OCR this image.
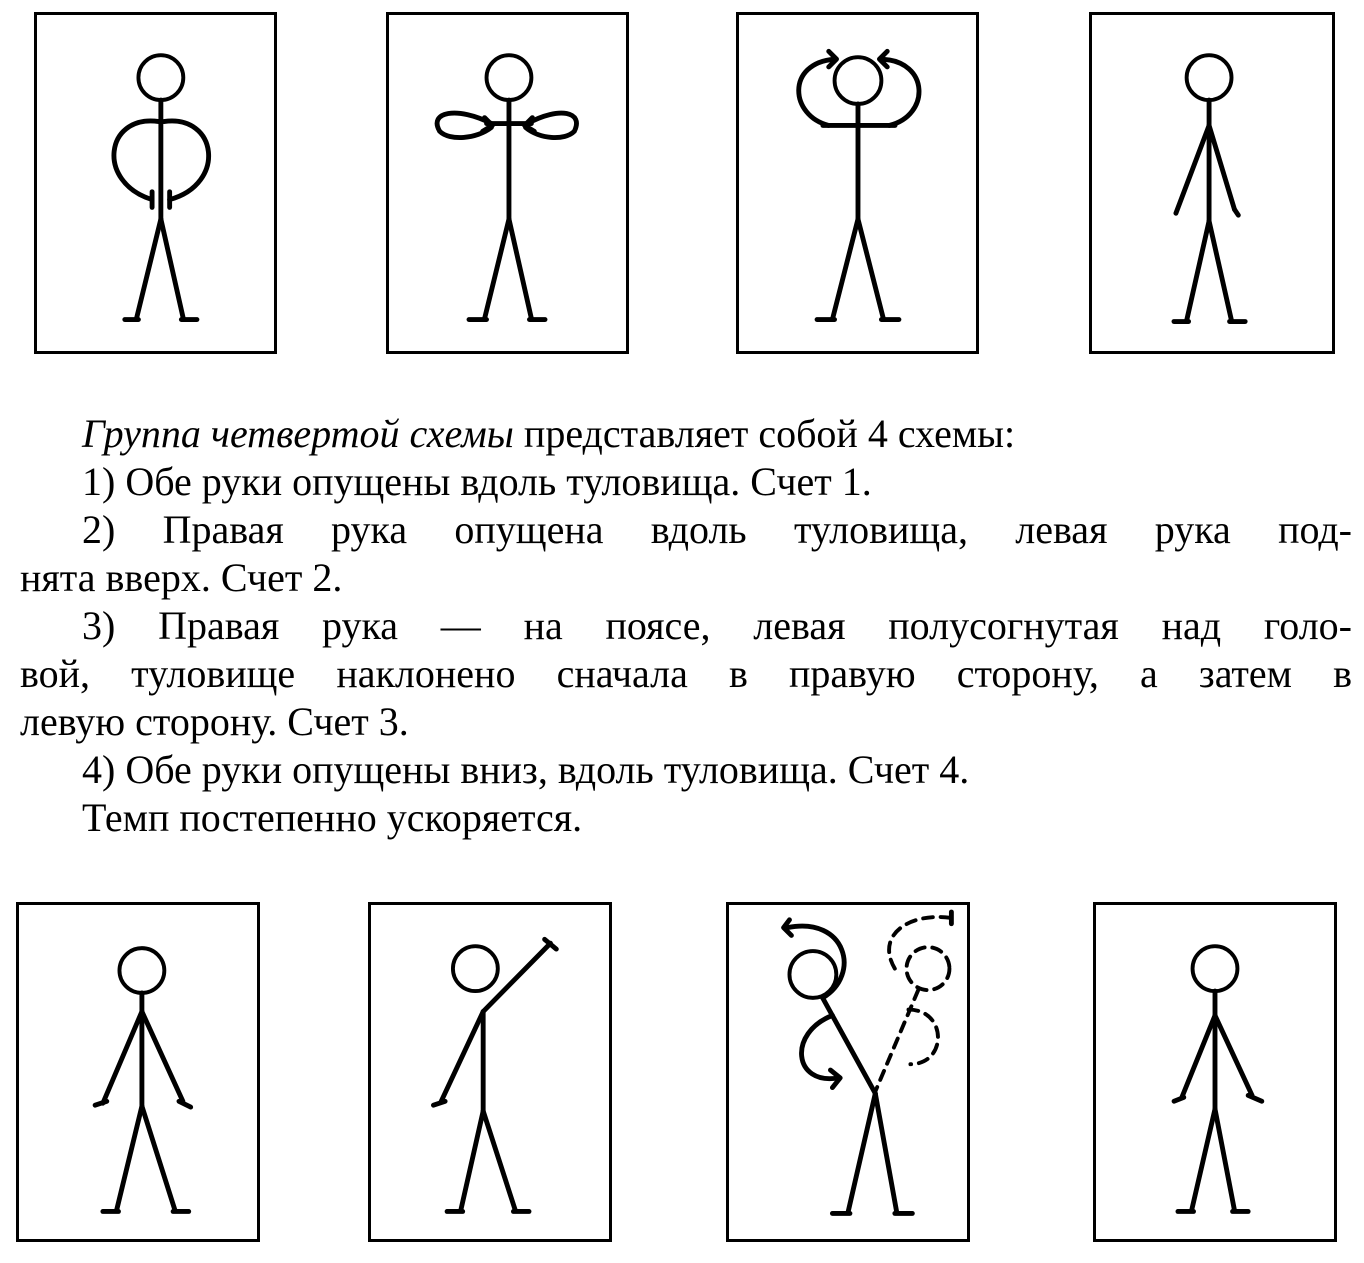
Группа четвертой схемы представляет собой 4 схемы:

1) Обе руки опущены вдоль туловища. Счет 1.

2) Правая рука опущена вдоль туловища, левая рука под-

нята вверх. Счет 2.

3) Правая рука — на поясе, левая полусогнутая над голо-

вой, туловище наклонено сначала в правую сторону, а затем в

левую сторону. Счет 3.

4) Обе руки опущены вниз, вдоль туловища. Счет 4.

Темп постепенно ускоряется.
